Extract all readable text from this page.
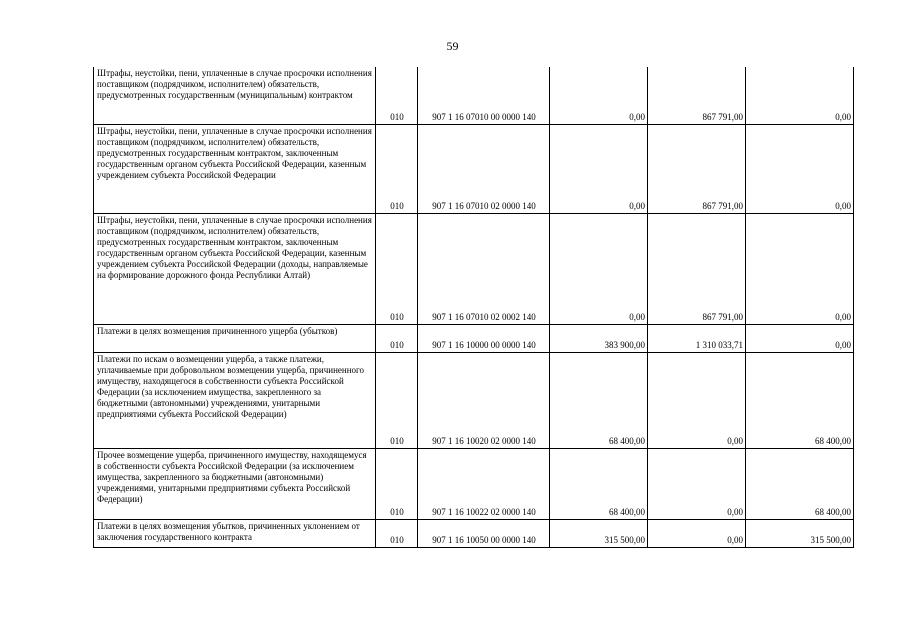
59
Штрафы, неустойки, пени, уплаченные в случае просрочки исполнения поставщиком (подрядчиком, исполнителем) обязательств, предусмотренных государственным (муниципальным) контрактом	010	907 1 16 07010 00 0000 140	0,00	867 791,00	0,00
Штрафы, неустойки, пени, уплаченные в случае просрочки исполнения поставщиком (подрядчиком, исполнителем) обязательств, предусмотренных государственным контрактом, заключенным государственным органом субъекта Российской Федерации, казенным учреждением субъекта Российской Федерации	010	907 1 16 07010 02 0000 140	0,00	867 791,00	0,00
Штрафы, неустойки, пени, уплаченные в случае просрочки исполнения поставщиком (подрядчиком, исполнителем) обязательств, предусмотренных государственным контрактом, заключенным государственным органом субъекта Российской Федерации, казенным учреждением субъекта Российской Федерации (доходы, направляемые на формирование дорожного фонда Республики Алтай)	010	907 1 16 07010 02 0002 140	0,00	867 791,00	0,00
Платежи в целях возмещения причиненного ущерба (убытков)	010	907 1 16 10000 00 0000 140	383 900,00	1 310 033,71	0,00
Платежи по искам о возмещении ущерба, а также платежи, уплачиваемые при добровольном возмещении ущерба, причиненного имуществу, находящегося в собственности субъекта Российской Федерации (за исключением имущества, закрепленного за бюджетными (автономными) учреждениями, унитарными предприятиями субъекта Российской Федерации)	010	907 1 16 10020 02 0000 140	68 400,00	0,00	68 400,00
Прочее возмещение ущерба, причиненного имуществу, находящемуся в собственности субъекта Российской Федерации (за исключением имущества, закрепленного за бюджетными (автономными) учреждениями, унитарными предприятиями субъекта Российской Федерации)	010	907 1 16 10022 02 0000 140	68 400,00	0,00	68 400,00
Платежи в целях возмещения убытков, причиненных уклонением от заключения государственного контракта	010	907 1 16 10050 00 0000 140	315 500,00	0,00	315 500,00
